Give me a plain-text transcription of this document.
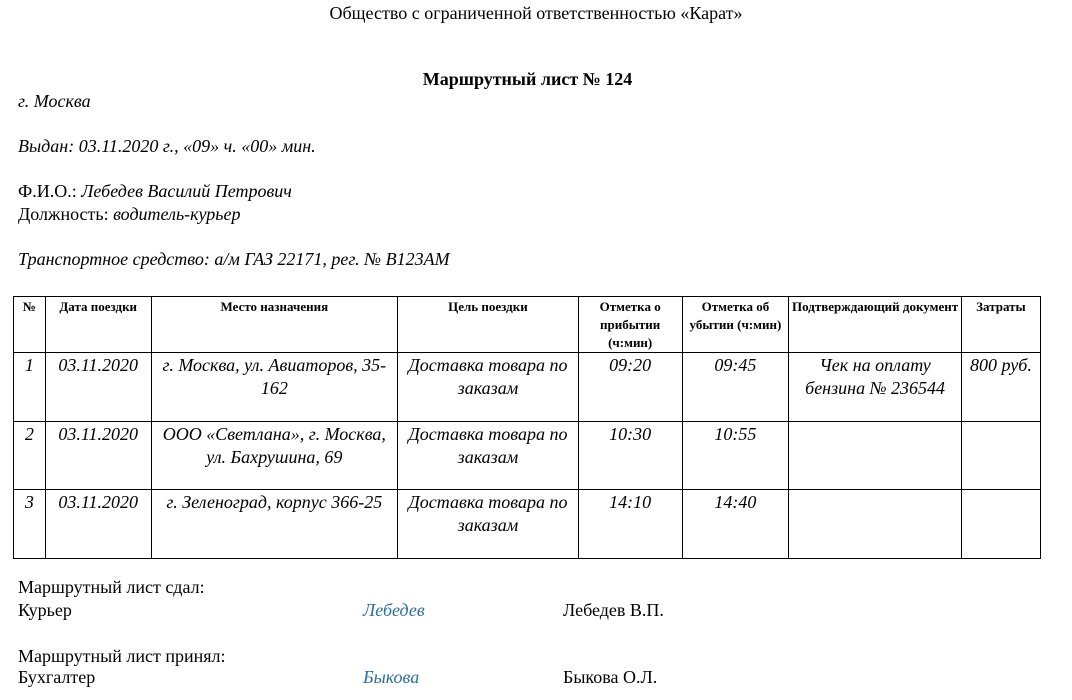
Общество с ограниченной ответственностью «Карат»
Маршрутный лист № 124
г. Москва
Выдан: 03.11.2020 г., «09» ч. «00» мин.
Ф.И.О.: Лебедев Василий Петрович
Должность: водитель-курьер
Транспортное средство: а/м ГАЗ 22171, рег. № В123АМ
№	Дата поездки	Место назначения	Цель поездки	Отметка о прибытии (ч:мин)	Отметка об убытии (ч:мин)	Подтверждающий документ	Затраты
1	03.11.2020	г. Москва, ул. Авиаторов, 35-162	Доставка товара по заказам	09:20	09:45	Чек на оплату бензина № 236544	800 руб.
2	03.11.2020	ООО «Светлана», г. Москва, ул. Бахрушина, 69	Доставка товара по заказам	10:30	10:55		
3	03.11.2020	г. Зеленоград, корпус 366-25	Доставка товара по заказам	14:10	14:40		
Маршрутный лист сдал:
Курьер	Лебедев	Лебедев В.П.
Маршрутный лист принял:
Бухгалтер	Быкова	Быкова О.Л.
